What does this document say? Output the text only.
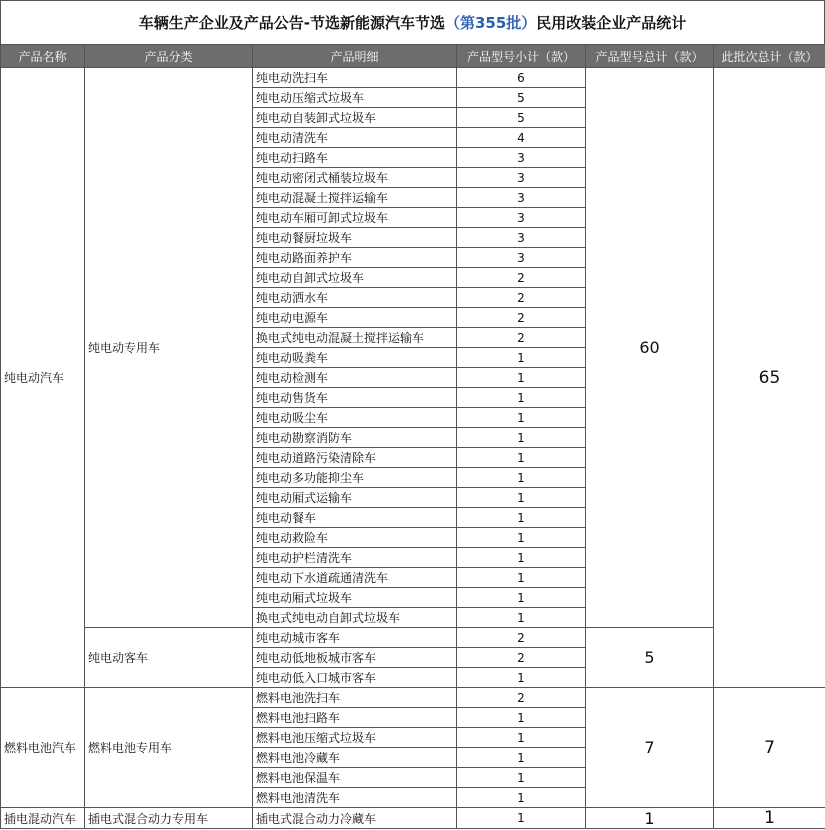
车辆生产企业及产品公告-节选新能源汽车节选（第355批）民用改装企业产品统计
产品名称	产品分类	产品明细	产品型号小计（款）	产品型号总计（款）	此批次总计（款）
纯电动汽车	纯电动专用车	纯电动洗扫车	6	60	65
		纯电动压缩式垃圾车	5		
		纯电动自装卸式垃圾车	5		
		纯电动清洗车	4		
		纯电动扫路车	3		
		纯电动密闭式桶装垃圾车	3		
		纯电动混凝土搅拌运输车	3		
		纯电动车厢可卸式垃圾车	3		
		纯电动餐厨垃圾车	3		
		纯电动路面养护车	3		
		纯电动自卸式垃圾车	2		
		纯电动洒水车	2		
		纯电动电源车	2		
		换电式纯电动混凝土搅拌运输车	2		
		纯电动吸粪车	1		
		纯电动检测车	1		
		纯电动售货车	1		
		纯电动吸尘车	1		
		纯电动勘察消防车	1		
		纯电动道路污染清除车	1		
		纯电动多功能抑尘车	1		
		纯电动厢式运输车	1		
		纯电动餐车	1		
		纯电动救险车	1		
		纯电动护栏清洗车	1		
		纯电动下水道疏通清洗车	1		
		纯电动厢式垃圾车	1		
		换电式纯电动自卸式垃圾车	1		
	纯电动客车	纯电动城市客车	2	5	
		纯电动低地板城市客车	2		
		纯电动低入口城市客车	1		
燃料电池汽车	燃料电池专用车	燃料电池洗扫车	2	7	7
		燃料电池扫路车	1		
		燃料电池压缩式垃圾车	1		
		燃料电池冷藏车	1		
		燃料电池保温车	1		
		燃料电池清洗车	1		
插电混动汽车	插电式混合动力专用车	插电式混合动力冷藏车	1	1	1
